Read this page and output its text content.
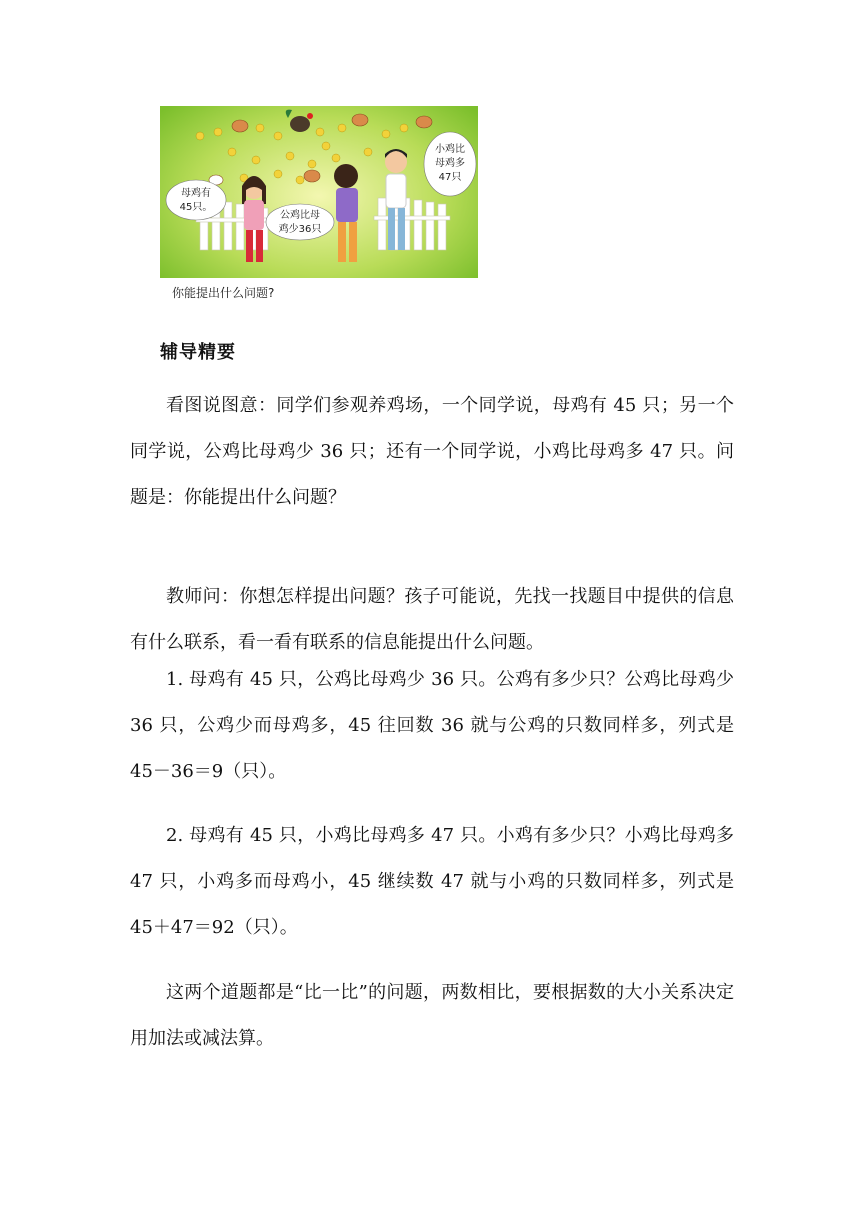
母鸡有
45只。
公鸡比母
鸡少36只
小鸡比
母鸡多
47只
你能提出什么问题?
辅导精要

看图说图意：同学们参观养鸡场，一个同学说，母鸡有 45 只；另一个同学说，公鸡比母鸡少 36 只；还有一个同学说，小鸡比母鸡多 47 只。问题是：你能提出什么问题？

教师问：你想怎样提出问题？孩子可能说，先找一找题目中提供的信息有什么联系，看一看有联系的信息能提出什么问题。

1. 母鸡有 45 只，公鸡比母鸡少 36 只。公鸡有多少只？公鸡比母鸡少 36 只，公鸡少而母鸡多，45 往回数 36 就与公鸡的只数同样多，列式是 45－36＝9（只）。

2. 母鸡有 45 只，小鸡比母鸡多 47 只。小鸡有多少只？小鸡比母鸡多 47 只，小鸡多而母鸡小，45 继续数 47 就与小鸡的只数同样多，列式是 45＋47＝92（只）。

这两个道题都是“比一比”的问题，两数相比，要根据数的大小关系决定用加法或减法算。
